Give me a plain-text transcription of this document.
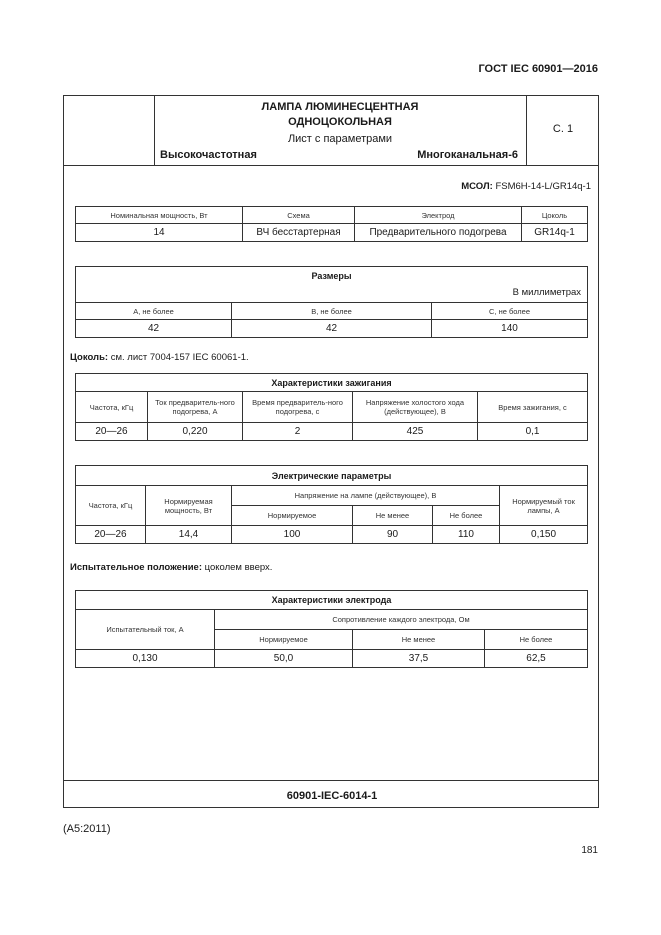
ГОСТ IEC 60901—2016
ЛАМПА ЛЮМИНЕСЦЕНТНАЯ
ОДНОЦОКОЛЬНАЯ
Лист с параметрами
Высокочастотная	Многоканальная-6
С. 1
60901-IEC-6014-1
МСОЛ: FSM6H-14-L/GR14q-1
Номинальная мощность, Вт	Схема	Электрод	Цоколь
14	ВЧ бесстартерная	Предварительного подогрева	GR14q-1
Размеры
В миллиметрах		

А, не более	В, не более	С, не более
42	42	140
Цоколь: см. лист 7004-157 IEC 60061-1.
Характеристики зажигания				
Частота, кГц	Ток предваритель-ного подогрева, А	Время предваритель-ного подогрева, с	Напряжение холостого хода (действующее), В	Время зажигания, с
20—26	0,220	2	425	0,1
Электрические параметры					
Частота, кГц	Нормируемая мощность, Вт	Напряжение на лампе (действующее), В			Нормируемый ток лампы, А
		Нормируемое	Не менее	Не более	
20—26	14,4	100	90	110	0,150
Испытательное положение: цоколем вверх.
Характеристики электрода			
Испытательный ток, А	Сопротивление каждого электрода, Ом		
	Нормируемое	Не менее	Не более
0,130	50,0	37,5	62,5
(А5:2011)
181
